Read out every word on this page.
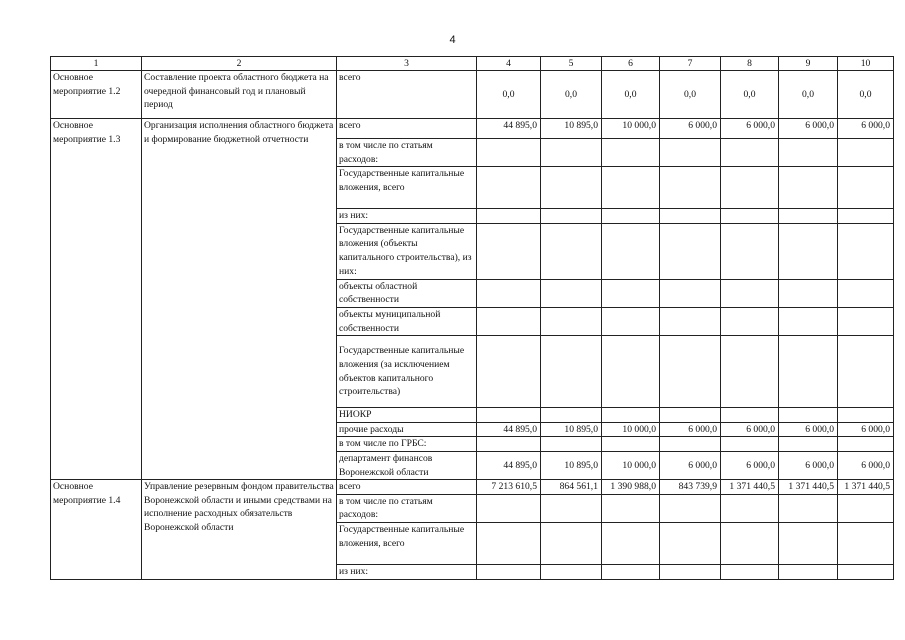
4
1	2	3	4	5	6	7	8	9	10
Основное мероприятие 1.2	Составление проекта областного бюджета на очередной финансовый год и плановый период	всего	0,0	0,0	0,0	0,0	0,0	0,0	0,0
Основное мероприятие 1.3	Организация исполнения областного бюджета и формирование бюджетной отчетности	всего	44 895,0	10 895,0	10 000,0	6 000,0	6 000,0	6 000,0	6 000,0
		в том числе по статьям расходов:							
		Государственные капитальные вложения, всего							
		из них:							
		Государственные капитальные вложения (объекты капитального строительства), из них:							
		объекты областной собственности							
		объекты муниципальной собственности							
		Государственные капитальные вложения (за исключением объектов капитального строительства)							
		НИОКР							
		прочие расходы	44 895,0	10 895,0	10 000,0	6 000,0	6 000,0	6 000,0	6 000,0
		в том числе по ГРБС:							
		департамент финансов Воронежской области	44 895,0	10 895,0	10 000,0	6 000,0	6 000,0	6 000,0	6 000,0
Основное мероприятие 1.4	Управление резервным фондом правительства Воронежской области и иными средствами на исполнение расходных обязательств Воронежской области	всего	7 213 610,5	864 561,1	1 390 988,0	843 739,9	1 371 440,5	1 371 440,5	1 371 440,5
		в том числе по статьям расходов:							
		Государственные капитальные вложения, всего							
		из них:							
